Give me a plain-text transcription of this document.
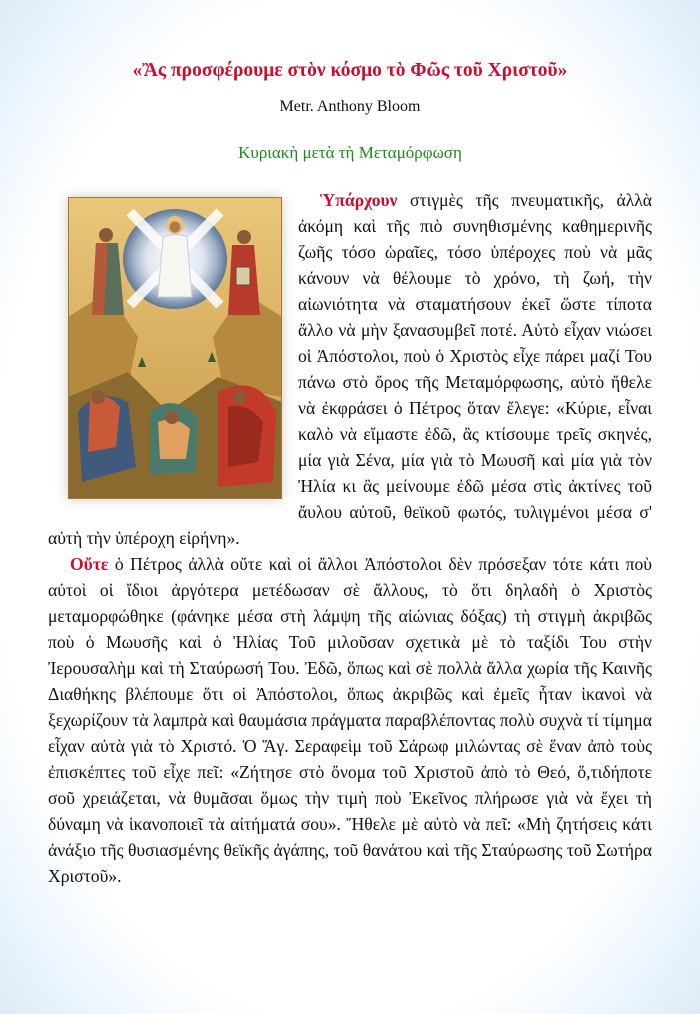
«Ἂς προσφέρουμε στὸν κόσμο τὸ Φῶς τοῦ Χριστοῦ»
Metr. Anthony Bloom
Κυριακὴ μετὰ τὴ Μεταμόρφωση

Ὑπάρχουν στιγμὲς τῆς πνευματικῆς, ἀλλὰ ἀκόμη καὶ τῆς πιὸ συνηθισμένης καθημερινῆς ζωῆς τόσο ὡραῖες, τόσο ὑπέροχες ποὺ νὰ μᾶς κάνουν νὰ θέλουμε τὸ χρόνο, τὴ ζωή, τὴν αἰωνιότητα νὰ σταματήσουν ἐκεῖ ὥστε τίποτα ἄλλο νὰ μὴν ξανασυμβεῖ ποτέ. Αὐτὸ εἶχαν νιώσει οἱ Ἀπόστολοι, ποὺ ὁ Χριστὸς εἶχε πάρει μαζί Του πάνω στὸ ὄρος τῆς Μεταμόρφωσης, αὐτὸ ἤθελε νὰ ἐκφράσει ὁ Πέτρος ὅταν ἔλεγε: «Κύριε, εἶναι καλὸ νὰ εἴμαστε ἐδῶ, ἂς κτίσουμε τρεῖς σκηνές, μία γιὰ Σένα, μία γιὰ τὸ Μωυσῆ καὶ μία γιὰ τὸν Ἠλία κι ἂς μείνουμε ἐδῶ μέσα στὶς ἀκτίνες τοῦ ἄυλου αὐτοῦ, θεϊκοῦ φωτός, τυλιγμένοι μέσα σ' αὐτὴ τὴν ὑπέροχη εἰρήνη».

Οὔτε ὁ Πέτρος ἀλλὰ οὔτε καὶ οἱ ἄλλοι Ἀπόστολοι δὲν πρόσεξαν τότε κάτι ποὺ αὐτοὶ οἱ ἴδιοι ἀργότερα μετέδωσαν σὲ ἄλλους, τὸ ὅτι δηλαδὴ ὁ Χριστὸς μεταμορφώθηκε (φάνηκε μέσα στὴ λάμψη τῆς αἰώνιας δόξας) τὴ στιγμὴ ἀκριβῶς ποὺ ὁ Μωυσῆς καὶ ὁ Ἠλίας Τοῦ μιλοῦσαν σχετικὰ μὲ τὸ ταξίδι Του στὴν Ἰερουσαλὴμ καὶ τὴ Σταύρωσή Του. Ἐδῶ, ὅπως καὶ σὲ πολλὰ ἄλλα χωρία τῆς Καινῆς Διαθήκης βλέπουμε ὅτι οἱ Ἀπόστολοι, ὅπως ἀκριβῶς καὶ ἐμεῖς ἦταν ἱκανοὶ νὰ ξεχωρίζουν τὰ λαμπρὰ καὶ θαυμάσια πράγματα παραβλέποντας πολὺ συχνὰ τί τίμημα εἶχαν αὐτὰ γιὰ τὸ Χριστό. Ὁ Ἅγ. Σεραφεὶμ τοῦ Σάρωφ μιλώντας σὲ ἕναν ἀπὸ τοὺς ἐπισκέπτες τοῦ εἶχε πεῖ: «Ζήτησε στὸ ὄνομα τοῦ Χριστοῦ ἀπὸ τὸ Θεό, ὅ,τιδήποτε σοῦ χρειάζεται, νὰ θυμᾶσαι ὅμως τὴν τιμὴ ποὺ Ἐκεῖνος πλήρωσε γιὰ νὰ ἔχει τὴ δύναμη νὰ ἱκανοποιεῖ τὰ αἰτήματά σου». Ἤθελε μὲ αὐτὸ νὰ πεῖ: «Μὴ ζητήσεις κάτι ἀνάξιο τῆς θυσιασμένης θεϊκῆς ἀγάπης, τοῦ θανάτου καὶ τῆς Σταύρωσης τοῦ Σωτήρα Χριστοῦ».
